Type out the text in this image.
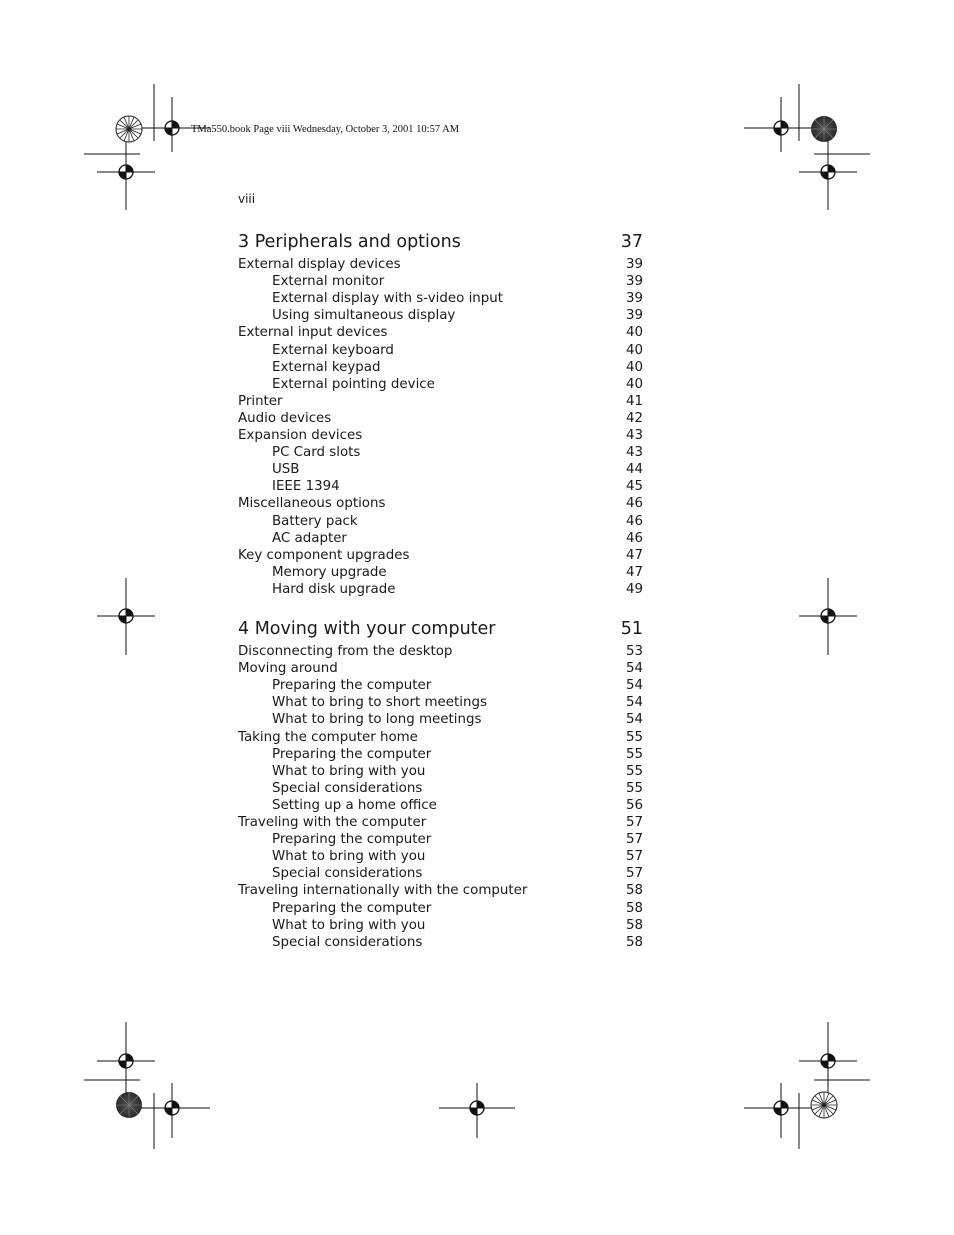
TMa550.book Page viii Wednesday, October 3, 2001 10:57 AM
viii
3 Peripherals and options	37
External display devices	39
External monitor	39
External display with s-video input	39
Using simultaneous display	39
External input devices	40
External keyboard	40
External keypad	40
External pointing device	40
Printer	41
Audio devices	42
Expansion devices	43
PC Card slots	43
USB	44
IEEE 1394	45
Miscellaneous options	46
Battery pack	46
AC adapter	46
Key component upgrades	47
Memory upgrade	47
Hard disk upgrade	49
4 Moving with your computer	51
Disconnecting from the desktop	53
Moving around	54
Preparing the computer	54
What to bring to short meetings	54
What to bring to long meetings	54
Taking the computer home	55
Preparing the computer	55
What to bring with you	55
Special considerations	55
Setting up a home office	56
Traveling with the computer	57
Preparing the computer	57
What to bring with you	57
Special considerations	57
Traveling internationally with the computer	58
Preparing the computer	58
What to bring with you	58
Special considerations	58
